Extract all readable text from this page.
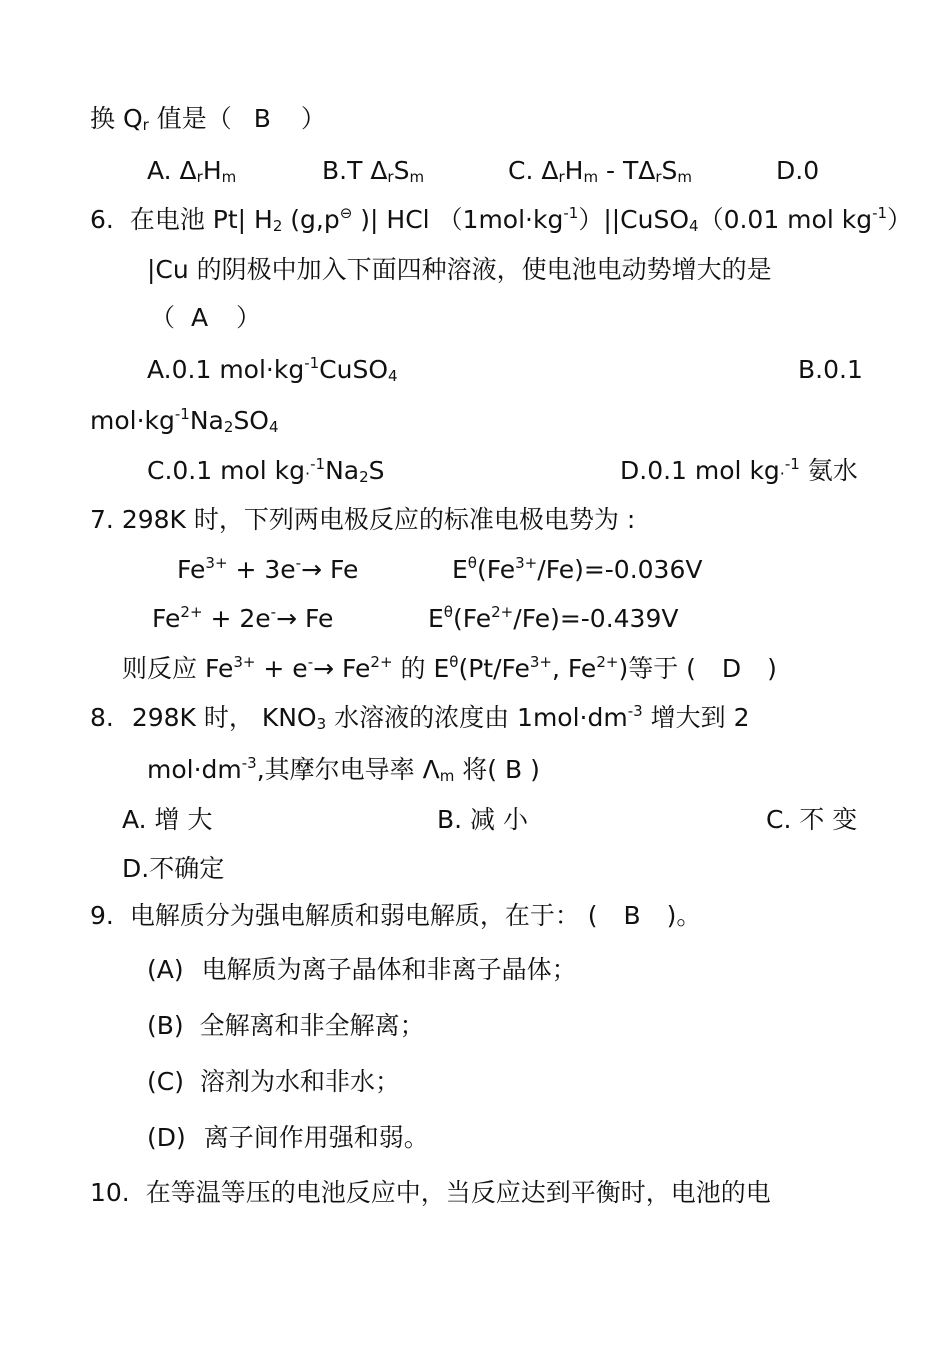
换 $Q_r$ 值是（ B ）
A. $\Delta_rH_m$	B.T $\Delta_rS_m$	C. $\Delta_rH_m - T\Delta_rS_m$	D.0
6. 在电池 Pt| $H_2$ (g,p⊖ )| HCl $(1mol\cdot kg^{-1})||CuSO_4(0.01$ mol $kg^{-1}$）
|Cu 的阴极中加入下面四种溶液，使电池电动势增大的是
（ A ）
A.0.1 $mol\cdot kg^{-1}CuSO_4$	B.0.1
$mol\cdot kg^{-1}Na_2SO_4$
C.0.1 mol $kg\cdot^{-1}Na_2S$	D.0.1 mol kg·$^{-1}$ 氨水
7. 298K 时，下列两电极反应的标准电极电势为 :
$Fe^{3+} + 3e^-\to Fe$	$E^\theta(Fe^{3+}/Fe)=-0.036V$
$Fe^{2+} + 2e^-\to Fe$	$E^\theta(Fe^{2+}/Fe)=-0.439V$
则反应 $Fe^{3+} + e^-\to Fe^{2+}$ 的 $E^\theta(Pt/Fe^{3+}$, $Fe^{2+}$)等于 ( D )
8. 298K 时， $KNO_3$ 水溶液的浓度由 $1mol\cdot dm^{-3}$ 增大到 2
$mol\cdot dm^{-3}$,其摩尔电导率 $\Lambda_m$ 将( B )
A. 增 大	B. 减 小	C. 不 变
D.不确定
9. 电解质分为强电解质和弱电解质，在于： ( B )。
(A) 电解质为离子晶体和非离子晶体；
(B) 全解离和非全解离；
(C) 溶剂为水和非水；
(D) 离子间作用强和弱。
10. 在等温等压的电池反应中，当反应达到平衡时，电池的电
